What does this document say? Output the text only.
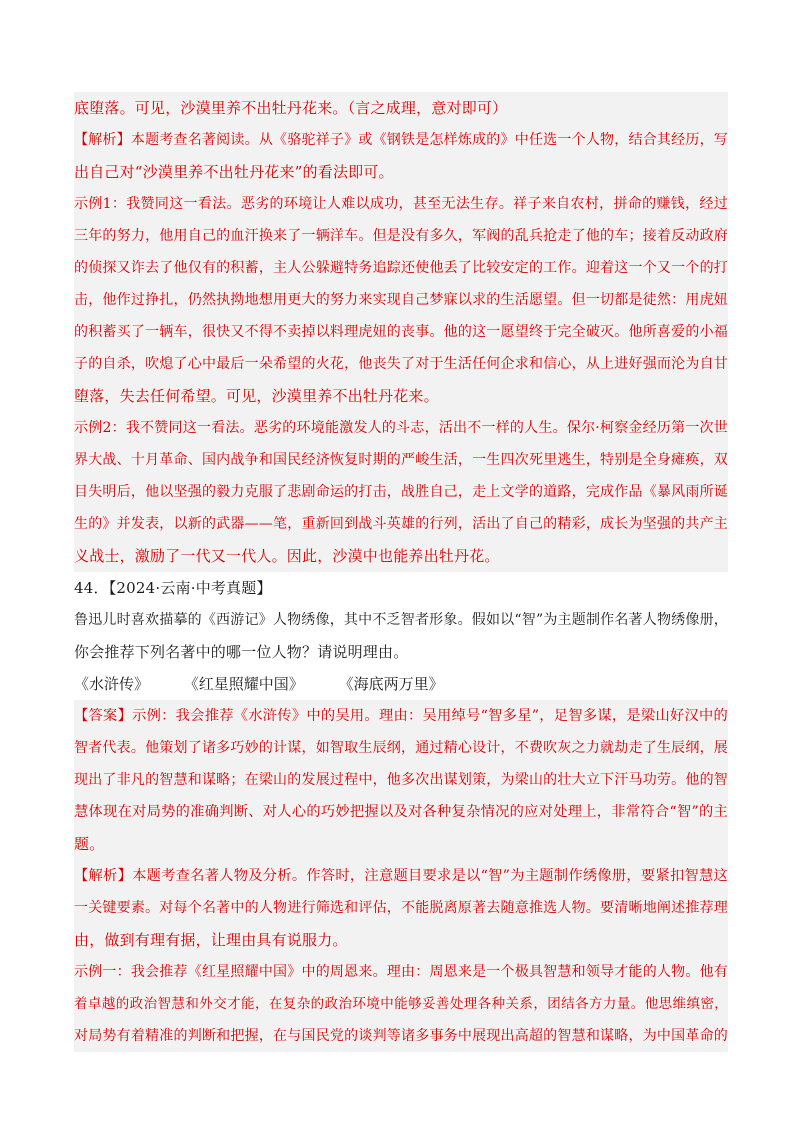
底堕落。可见，沙漠里养不出牡丹花来。（言之成理，意对即可）
【解析】本题考查名著阅读。从《骆驼祥子》或《钢铁是怎样炼成的》中任选一个人物，结合其经历，写
出自己对“沙漠里养不出牡丹花来”的看法即可。
示例1：我赞同这一看法。恶劣的环境让人难以成功，甚至无法生存。祥子来自农村，拼命的赚钱，经过
三年的努力，他用自己的血汗换来了一辆洋车。但是没有多久，军阀的乱兵抢走了他的车；接着反动政府
的侦探又诈去了他仅有的积蓄，主人公躲避特务追踪还使他丢了比较安定的工作。迎着这一个又一个的打
击，他作过挣扎，仍然执拗地想用更大的努力来实现自己梦寐以求的生活愿望。但一切都是徒然：用虎妞
的积蓄买了一辆车，很快又不得不卖掉以料理虎妞的丧事。他的这一愿望终于完全破灭。他所喜爱的小福
子的自杀，吹熄了心中最后一朵希望的火花，他丧失了对于生活任何企求和信心，从上进好强而沦为自甘
堕落，失去任何希望。可见，沙漠里养不出牡丹花来。
示例2：我不赞同这一看法。恶劣的环境能激发人的斗志，活出不一样的人生。保尔·柯察金经历第一次世
界大战、十月革命、国内战争和国民经济恢复时期的严峻生活，一生四次死里逃生，特别是全身瘫痪，双
目失明后，他以坚强的毅力克服了悲剧命运的打击，战胜自己，走上文学的道路，完成作品《暴风雨所诞
生的》并发表，以新的武器——笔，重新回到战斗英雄的行列，活出了自己的精彩，成长为坚强的共产主
义战士，激励了一代又一代人。因此，沙漠中也能养出牡丹花。
44．【2024·云南·中考真题】
鲁迅儿时喜欢描摹的《西游记》人物绣像，其中不乏智者形象。假如以“智”为主题制作名著人物绣像册，
你会推荐下列名著中的哪一位人物？请说明理由。
《水浒传》 《红星照耀中国》 《海底两万里》
【答案】示例：我会推荐《水浒传》中的吴用。理由：吴用绰号“智多星”，足智多谋，是梁山好汉中的
智者代表。他策划了诸多巧妙的计谋，如智取生辰纲，通过精心设计，不费吹灰之力就劫走了生辰纲，展
现出了非凡的智慧和谋略；在梁山的发展过程中，他多次出谋划策，为梁山的壮大立下汗马功劳。他的智
慧体现在对局势的准确判断、对人心的巧妙把握以及对各种复杂情况的应对处理上，非常符合“智”的主
题。
【解析】本题考查名著人物及分析。作答时，注意题目要求是以“智”为主题制作绣像册，要紧扣智慧这
一关键要素。对每个名著中的人物进行筛选和评估，不能脱离原著去随意推选人物。要清晰地阐述推荐理
由，做到有理有据，让理由具有说服力。
示例一：我会推荐《红星照耀中国》中的周恩来。理由：周恩来是一个极具智慧和领导才能的人物。他有
着卓越的政治智慧和外交才能，在复杂的政治环境中能够妥善处理各种关系，团结各方力量。他思维缜密，
对局势有着精准的判断和把握，在与国民党的谈判等诸多事务中展现出高超的智慧和谋略，为中国革命的
